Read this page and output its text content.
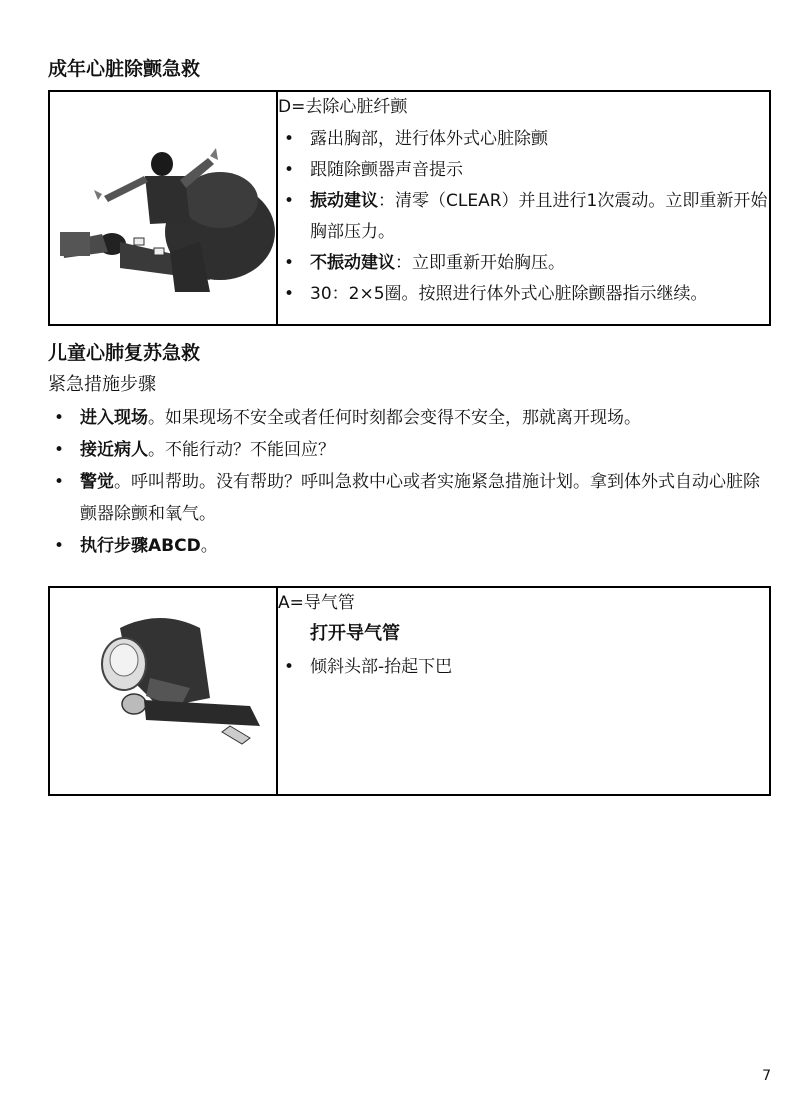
成年心脏除颤急救

D=去除心脏纤颤
• 露出胸部，进行体外式心脏除颤
• 跟随除颤器声音提示
• 振动建议：清零（CLEAR）并且进行1次震动。立即重新开始胸部压力。
• 不振动建议：立即重新开始胸压。
• 30：2×5圈。按照进行体外式心脏除颤器指示继续。
儿童心肺复苏急救
紧急措施步骤
• 进入现场。如果现场不安全或者任何时刻都会变得不安全，那就离开现场。
• 接近病人。不能行动？不能回应？
• 警觉。呼叫帮助。没有帮助？呼叫急救中心或者实施紧急措施计划。拿到体外式自动心脏除颤器除颤和氧气。
• 执行步骤ABCD。

A=导气管
打开导气管
• 倾斜头部-抬起下巴
7
